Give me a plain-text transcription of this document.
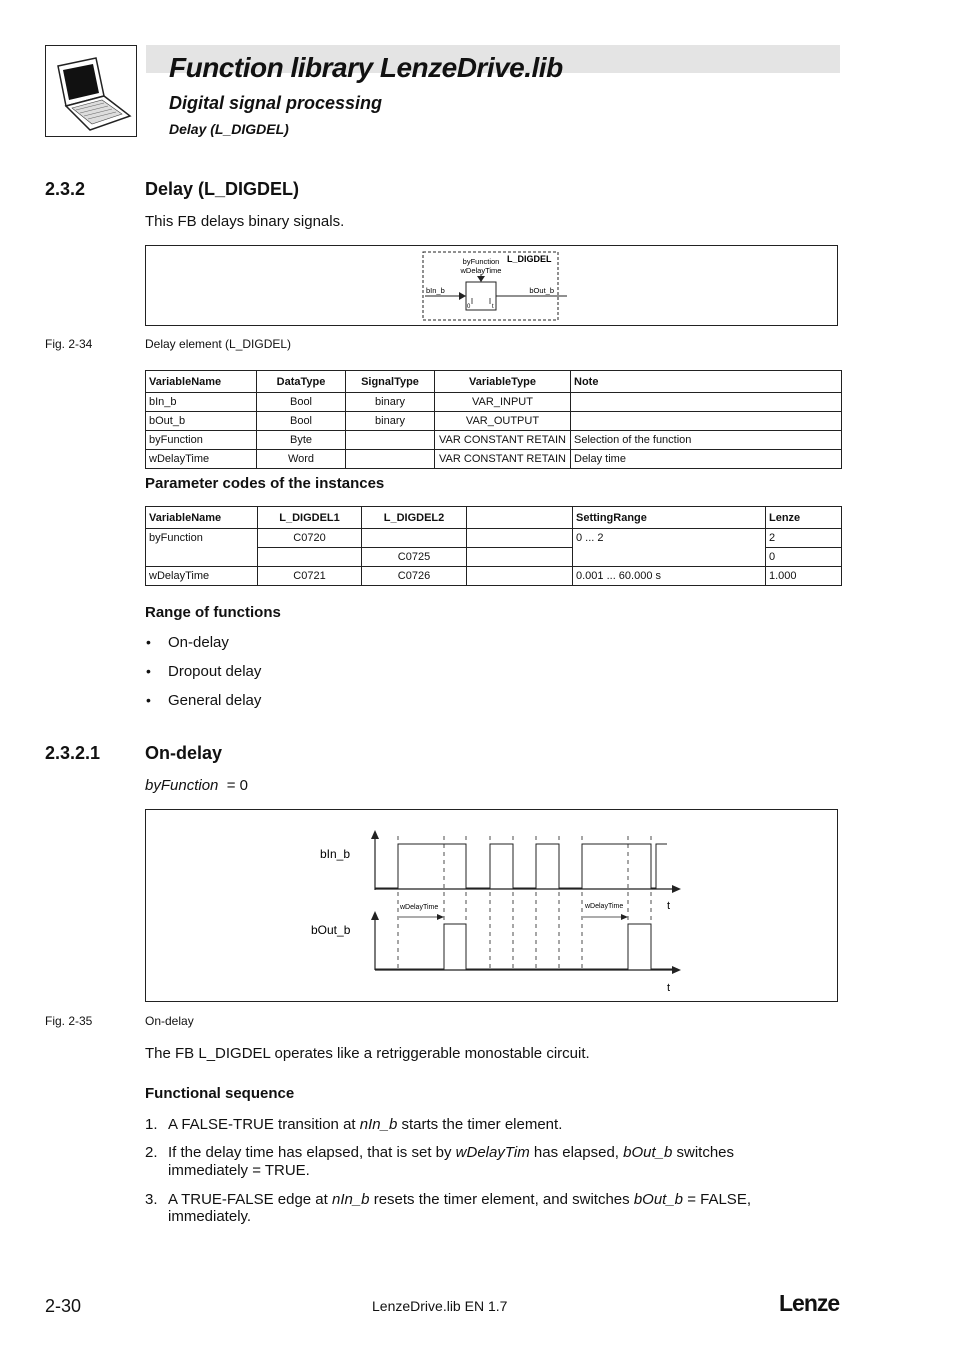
Function library LenzeDrive.lib
Digital signal processing
Delay (L_DIGDEL)
2.3.2	Delay (L_DIGDEL)
This FB delays binary signals.
L_DIGDEL
byFunction
wDelayTime
bIn_b	bOut_b
0	t
Fig. 2-34	Delay element (L_DIGDEL)
VariableName	DataType	SignalType	VariableType	Note
bIn_b	Bool	binary	VAR_INPUT	
bOut_b	Bool	binary	VAR_OUTPUT	
byFunction	Byte		VAR CONSTANT RETAIN	Selection of the function
wDelayTime	Word		VAR CONSTANT RETAIN	Delay time
Parameter codes of the instances
VariableName	L_DIGDEL1	L_DIGDEL2		SettingRange	Lenze
byFunction	C0720			0 ... 2	2
		C0725			0
wDelayTime	C0721	C0726		0.001 ... 60.000 s	1.000
Range of functions
• On-delay
• Dropout delay
• General delay
2.3.2.1 On-delay
byFunction = 0
wDelayTime	wDelayTime
bIn_b
bOut_b
t
t
Fig. 2-35	On-delay
The FB L_DIGDEL operates like a retriggerable monostable circuit.
Functional sequence
1. A FALSE-TRUE transition at nIn_b starts the timer element.
2. If the delay time has elapsed, that is set by wDelayTim has elapsed, bOut_b switches
immediately = TRUE.
3. A TRUE-FALSE edge at nIn_b resets the timer element, and switches bOut_b = FALSE,
immediately.
2-30	LenzeDrive.lib EN 1.7	Lenze
